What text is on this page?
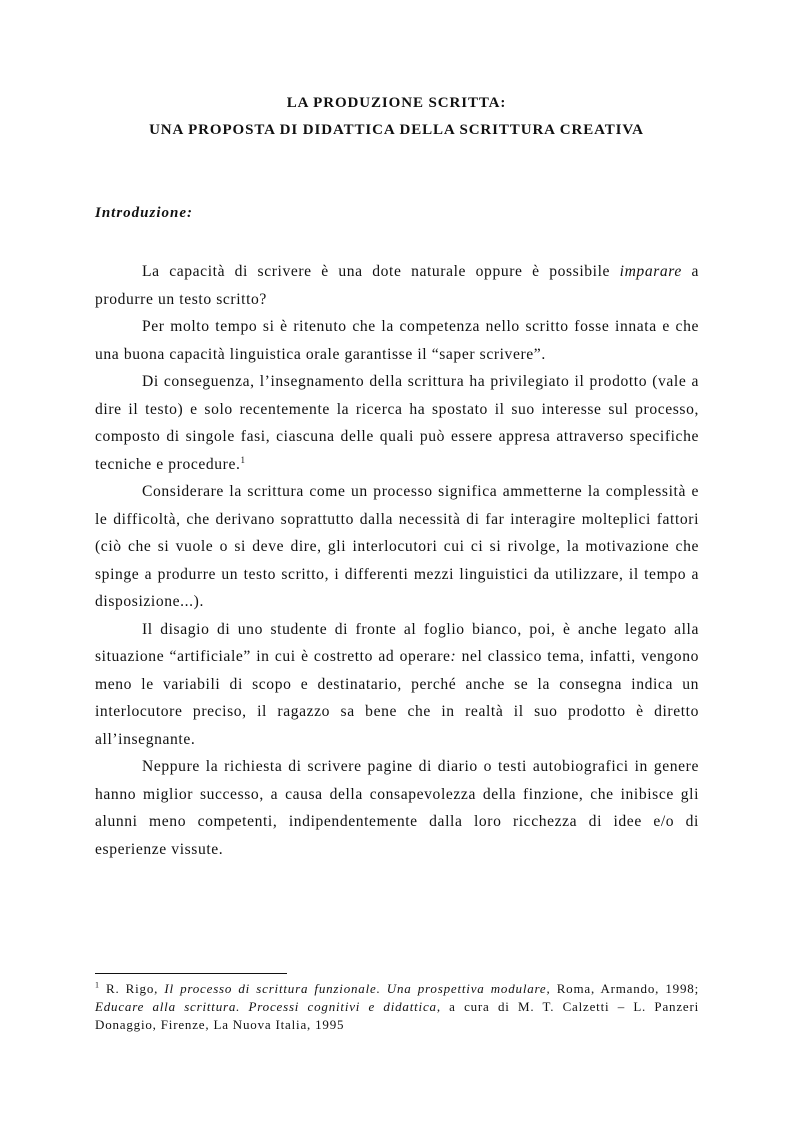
LA PRODUZIONE SCRITTA:
UNA PROPOSTA DI DIDATTICA DELLA SCRITTURA CREATIVA
Introduzione:

La capacità di scrivere è una dote naturale oppure è possibile imparare a produrre un testo scritto?

Per molto tempo si è ritenuto che la competenza nello scritto fosse innata e che una buona capacità linguistica orale garantisse il “saper scrivere”.

Di conseguenza, l’insegnamento della scrittura ha privilegiato il prodotto (vale a dire il testo) e solo recentemente la ricerca ha spostato il suo interesse sul processo, composto di singole fasi, ciascuna delle quali può essere appresa attraverso specifiche tecniche e procedure.$^1$

Considerare la scrittura come un processo significa ammetterne la complessità e le difficoltà, che derivano soprattutto dalla necessità di far interagire molteplici fattori (ciò che si vuole o si deve dire, gli interlocutori cui ci si rivolge, la motivazione che spinge a produrre un testo scritto, i differenti mezzi linguistici da utilizzare, il tempo a disposizione...).

Il disagio di uno studente di fronte al foglio bianco, poi, è anche legato alla situazione “artificiale” in cui è costretto ad operare: nel classico tema, infatti, vengono meno le variabili di scopo e destinatario, perché anche se la consegna indica un interlocutore preciso, il ragazzo sa bene che in realtà il suo prodotto è diretto all’insegnante.

Neppure la richiesta di scrivere pagine di diario o testi autobiografici in genere hanno miglior successo, a causa della consapevolezza della finzione, che inibisce gli alunni meno competenti, indipendentemente dalla loro ricchezza di idee e/o di esperienze vissute.

$^1$ R. Rigo, Il processo di scrittura funzionale. Una prospettiva modulare, Roma, Armando, 1998; Educare alla scrittura. Processi cognitivi e didattica, a cura di M. T. Calzetti – L. Panzeri Donaggio, Firenze, La Nuova Italia, 1995
